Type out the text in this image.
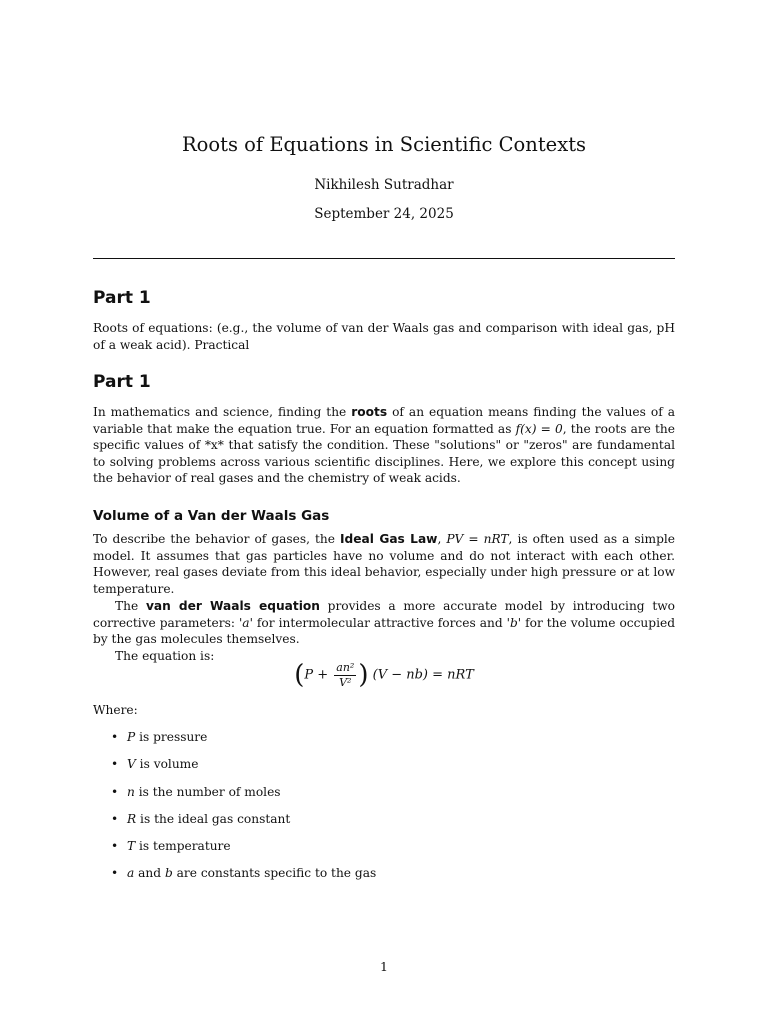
Roots of Equations in Scientific Contexts
Nikhilesh Sutradhar
September 24, 2025
Part 1

Roots of equations: (e.g., the volume of van der Waals gas and comparison with ideal gas, pH of a weak acid). Practical

Part 1

In mathematics and science, finding the roots of an equation means finding the values of a variable that make the equation true. For an equation formatted as f(x) = 0, the roots are the specific values of *x* that satisfy the condition. These "solutions" or "zeros" are fundamental to solving problems across various scientific disciplines. Here, we explore this concept using the behavior of real gases and the chemistry of weak acids.

Volume of a Van der Waals Gas

To describe the behavior of gases, the Ideal Gas Law, PV = nRT, is often used as a simple model. It assumes that gas particles have no volume and do not interact with each other. However, real gases deviate from this ideal behavior, especially under high pressure or at low temperature.

The van der Waals equation provides a more accurate model by introducing two corrective parameters: 'a' for intermolecular attractive forces and 'b' for the volume occupied by the gas molecules themselves.

The equation is:

($P + \frac{\text{an²}}{\text{V²}}$ ) (V − nb) = nRT

Where:

• P is pressure
• V is volume
• n is the number of moles
• R is the ideal gas constant
• T is temperature
• a and b are constants specific to the gas
1
